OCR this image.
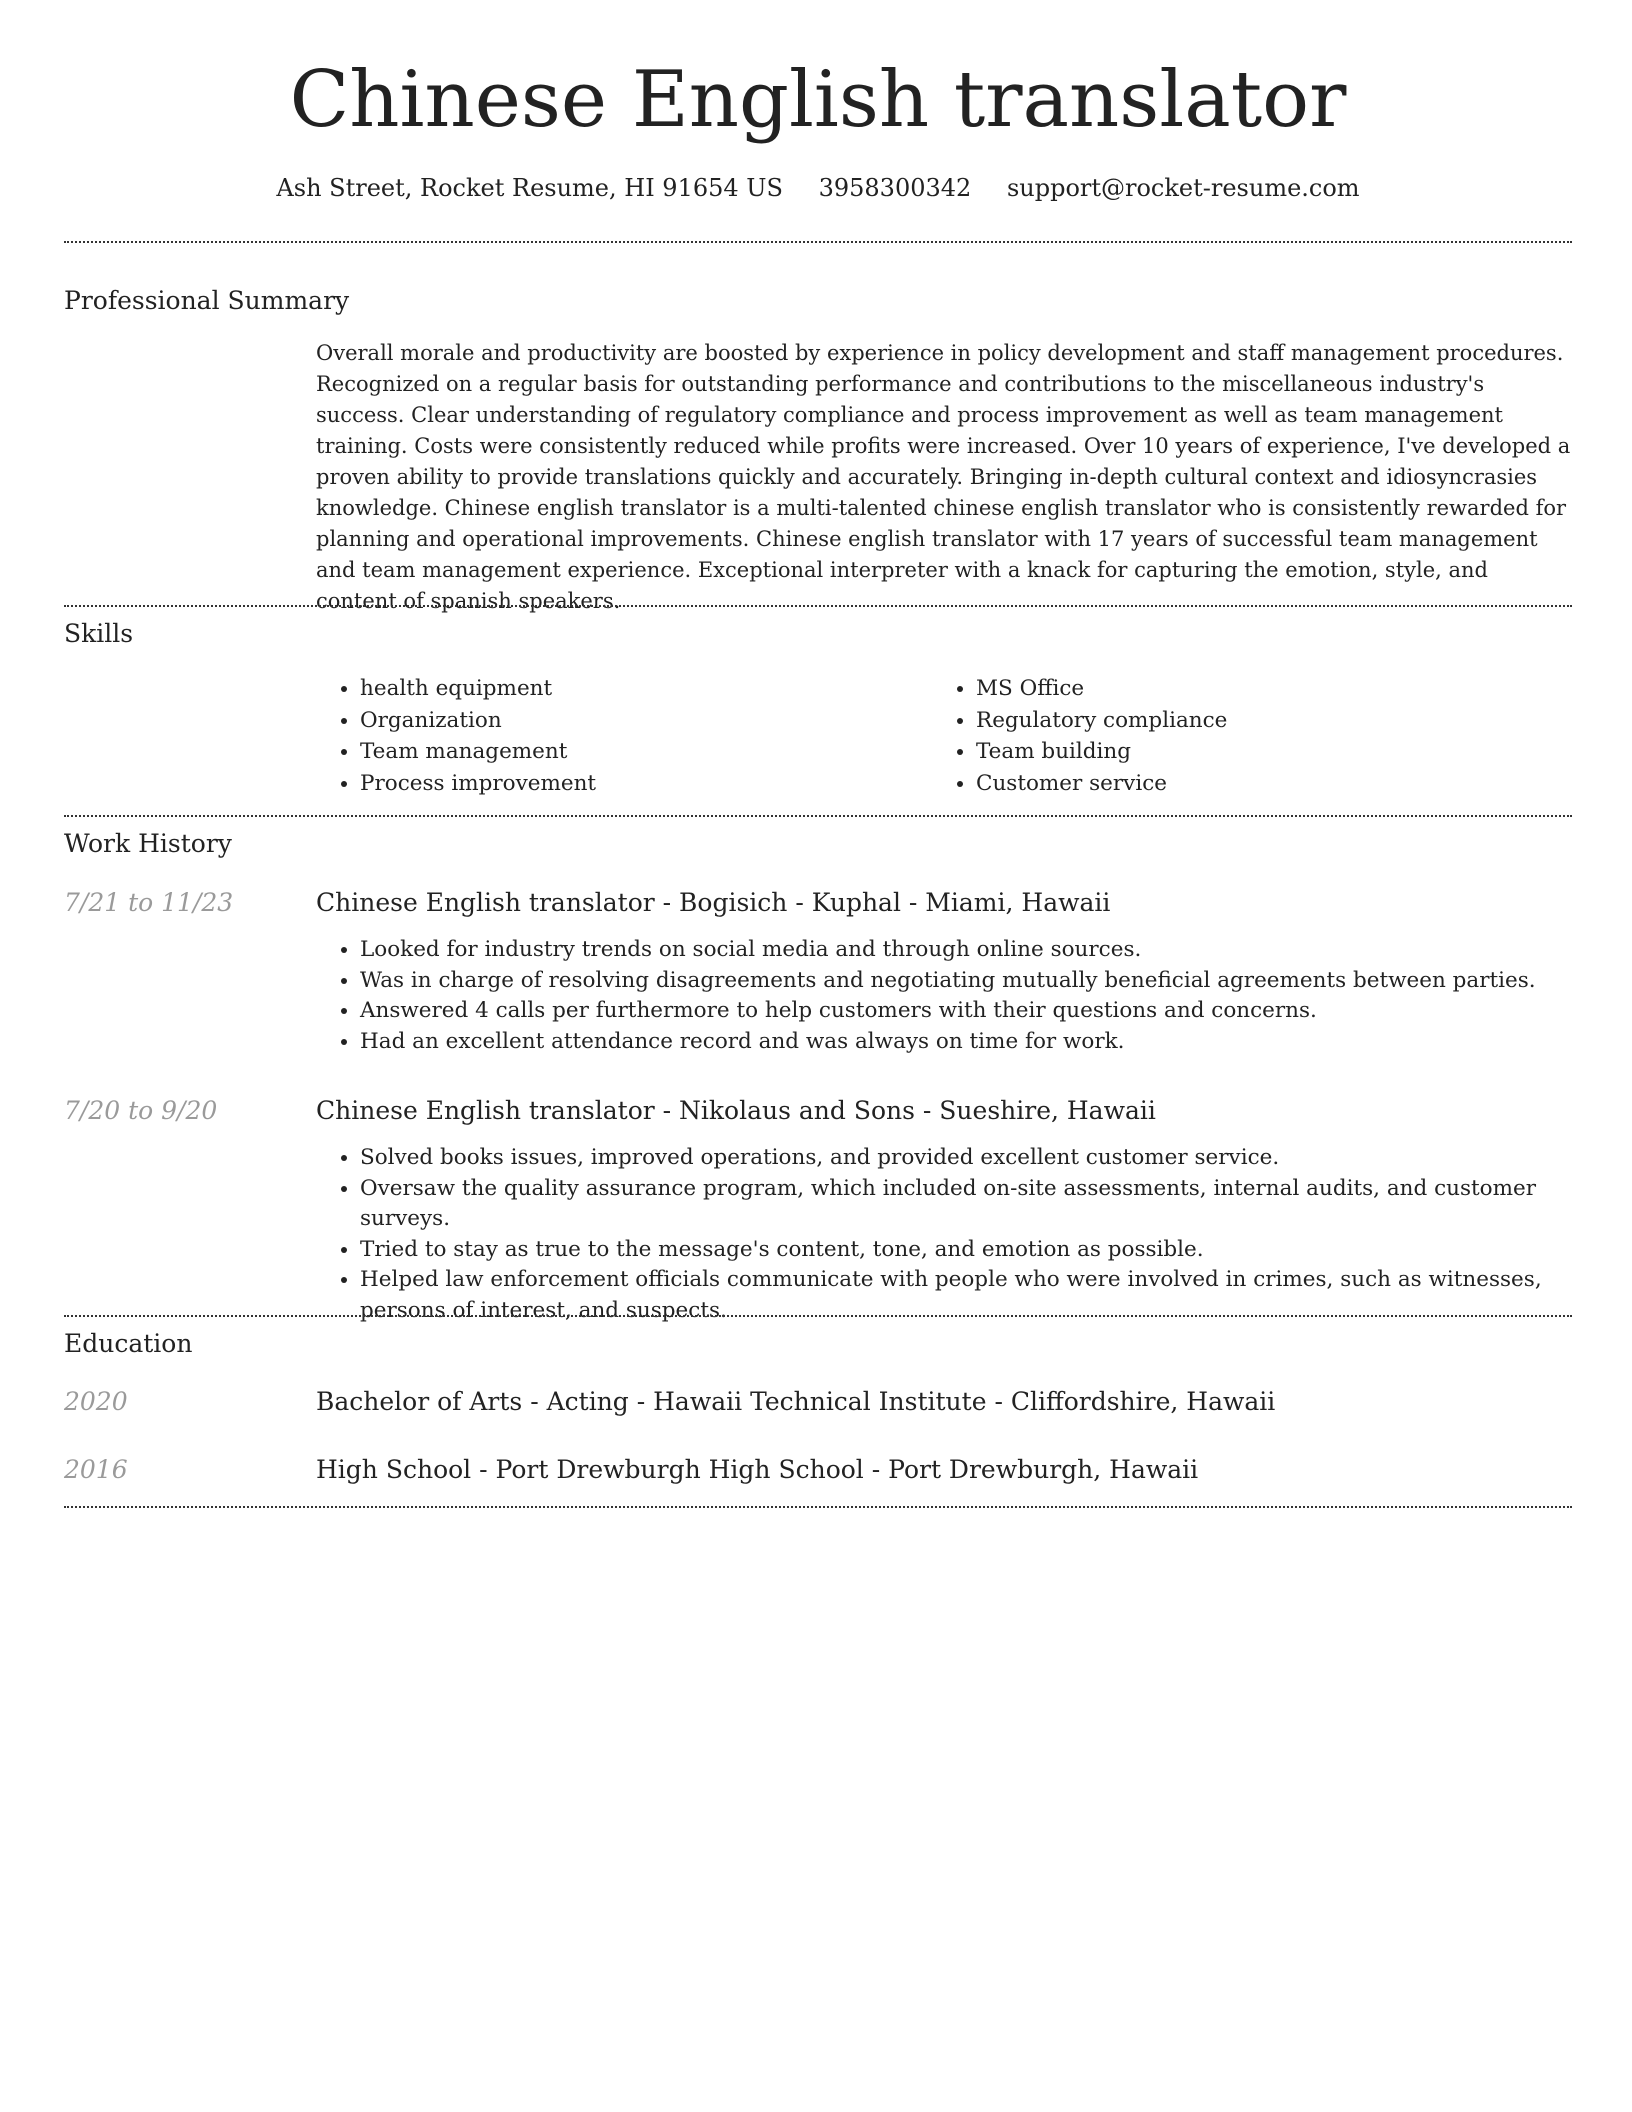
Chinese English translator
Ash Street, Rocket Resume, HI 91654 US 3958300342 support@rocket-resume.com
Professional Summary
Overall morale and productivity are boosted by experience in policy development and staff management procedures. Recognized on a regular basis for outstanding performance and contributions to the miscellaneous industry's success. Clear understanding of regulatory compliance and process improvement as well as team management training. Costs were consistently reduced while profits were increased. Over 10 years of experience, I've developed a proven ability to provide translations quickly and accurately. Bringing in-depth cultural context and idiosyncrasies knowledge. Chinese english translator is a multi-talented chinese english translator who is consistently rewarded for planning and operational improvements. Chinese english translator with 17 years of successful team management and team management experience. Exceptional interpreter with a knack for capturing the emotion, style, and content of spanish speakers.
Skills
• health equipment
• Organization
• Team management
• Process improvement
• MS Office
• Regulatory compliance
• Team building
• Customer service
Work History
7/21 to 11/23	Chinese English translator - Bogisich - Kuphal - Miami, Hawaii
• Looked for industry trends on social media and through online sources.
• Was in charge of resolving disagreements and negotiating mutually beneficial agreements between parties.
• Answered 4 calls per furthermore to help customers with their questions and concerns.
• Had an excellent attendance record and was always on time for work.
7/20 to 9/20	Chinese English translator - Nikolaus and Sons - Sueshire, Hawaii
• Solved books issues, improved operations, and provided excellent customer service.
• Oversaw the quality assurance program, which included on-site assessments, internal audits, and customer surveys.
• Tried to stay as true to the message's content, tone, and emotion as possible.
• Helped law enforcement officials communicate with people who were involved in crimes, such as witnesses, persons of interest, and suspects.
Education
2020	Bachelor of Arts - Acting - Hawaii Technical Institute - Cliffordshire, Hawaii
2016	High School - Port Drewburgh High School - Port Drewburgh, Hawaii
